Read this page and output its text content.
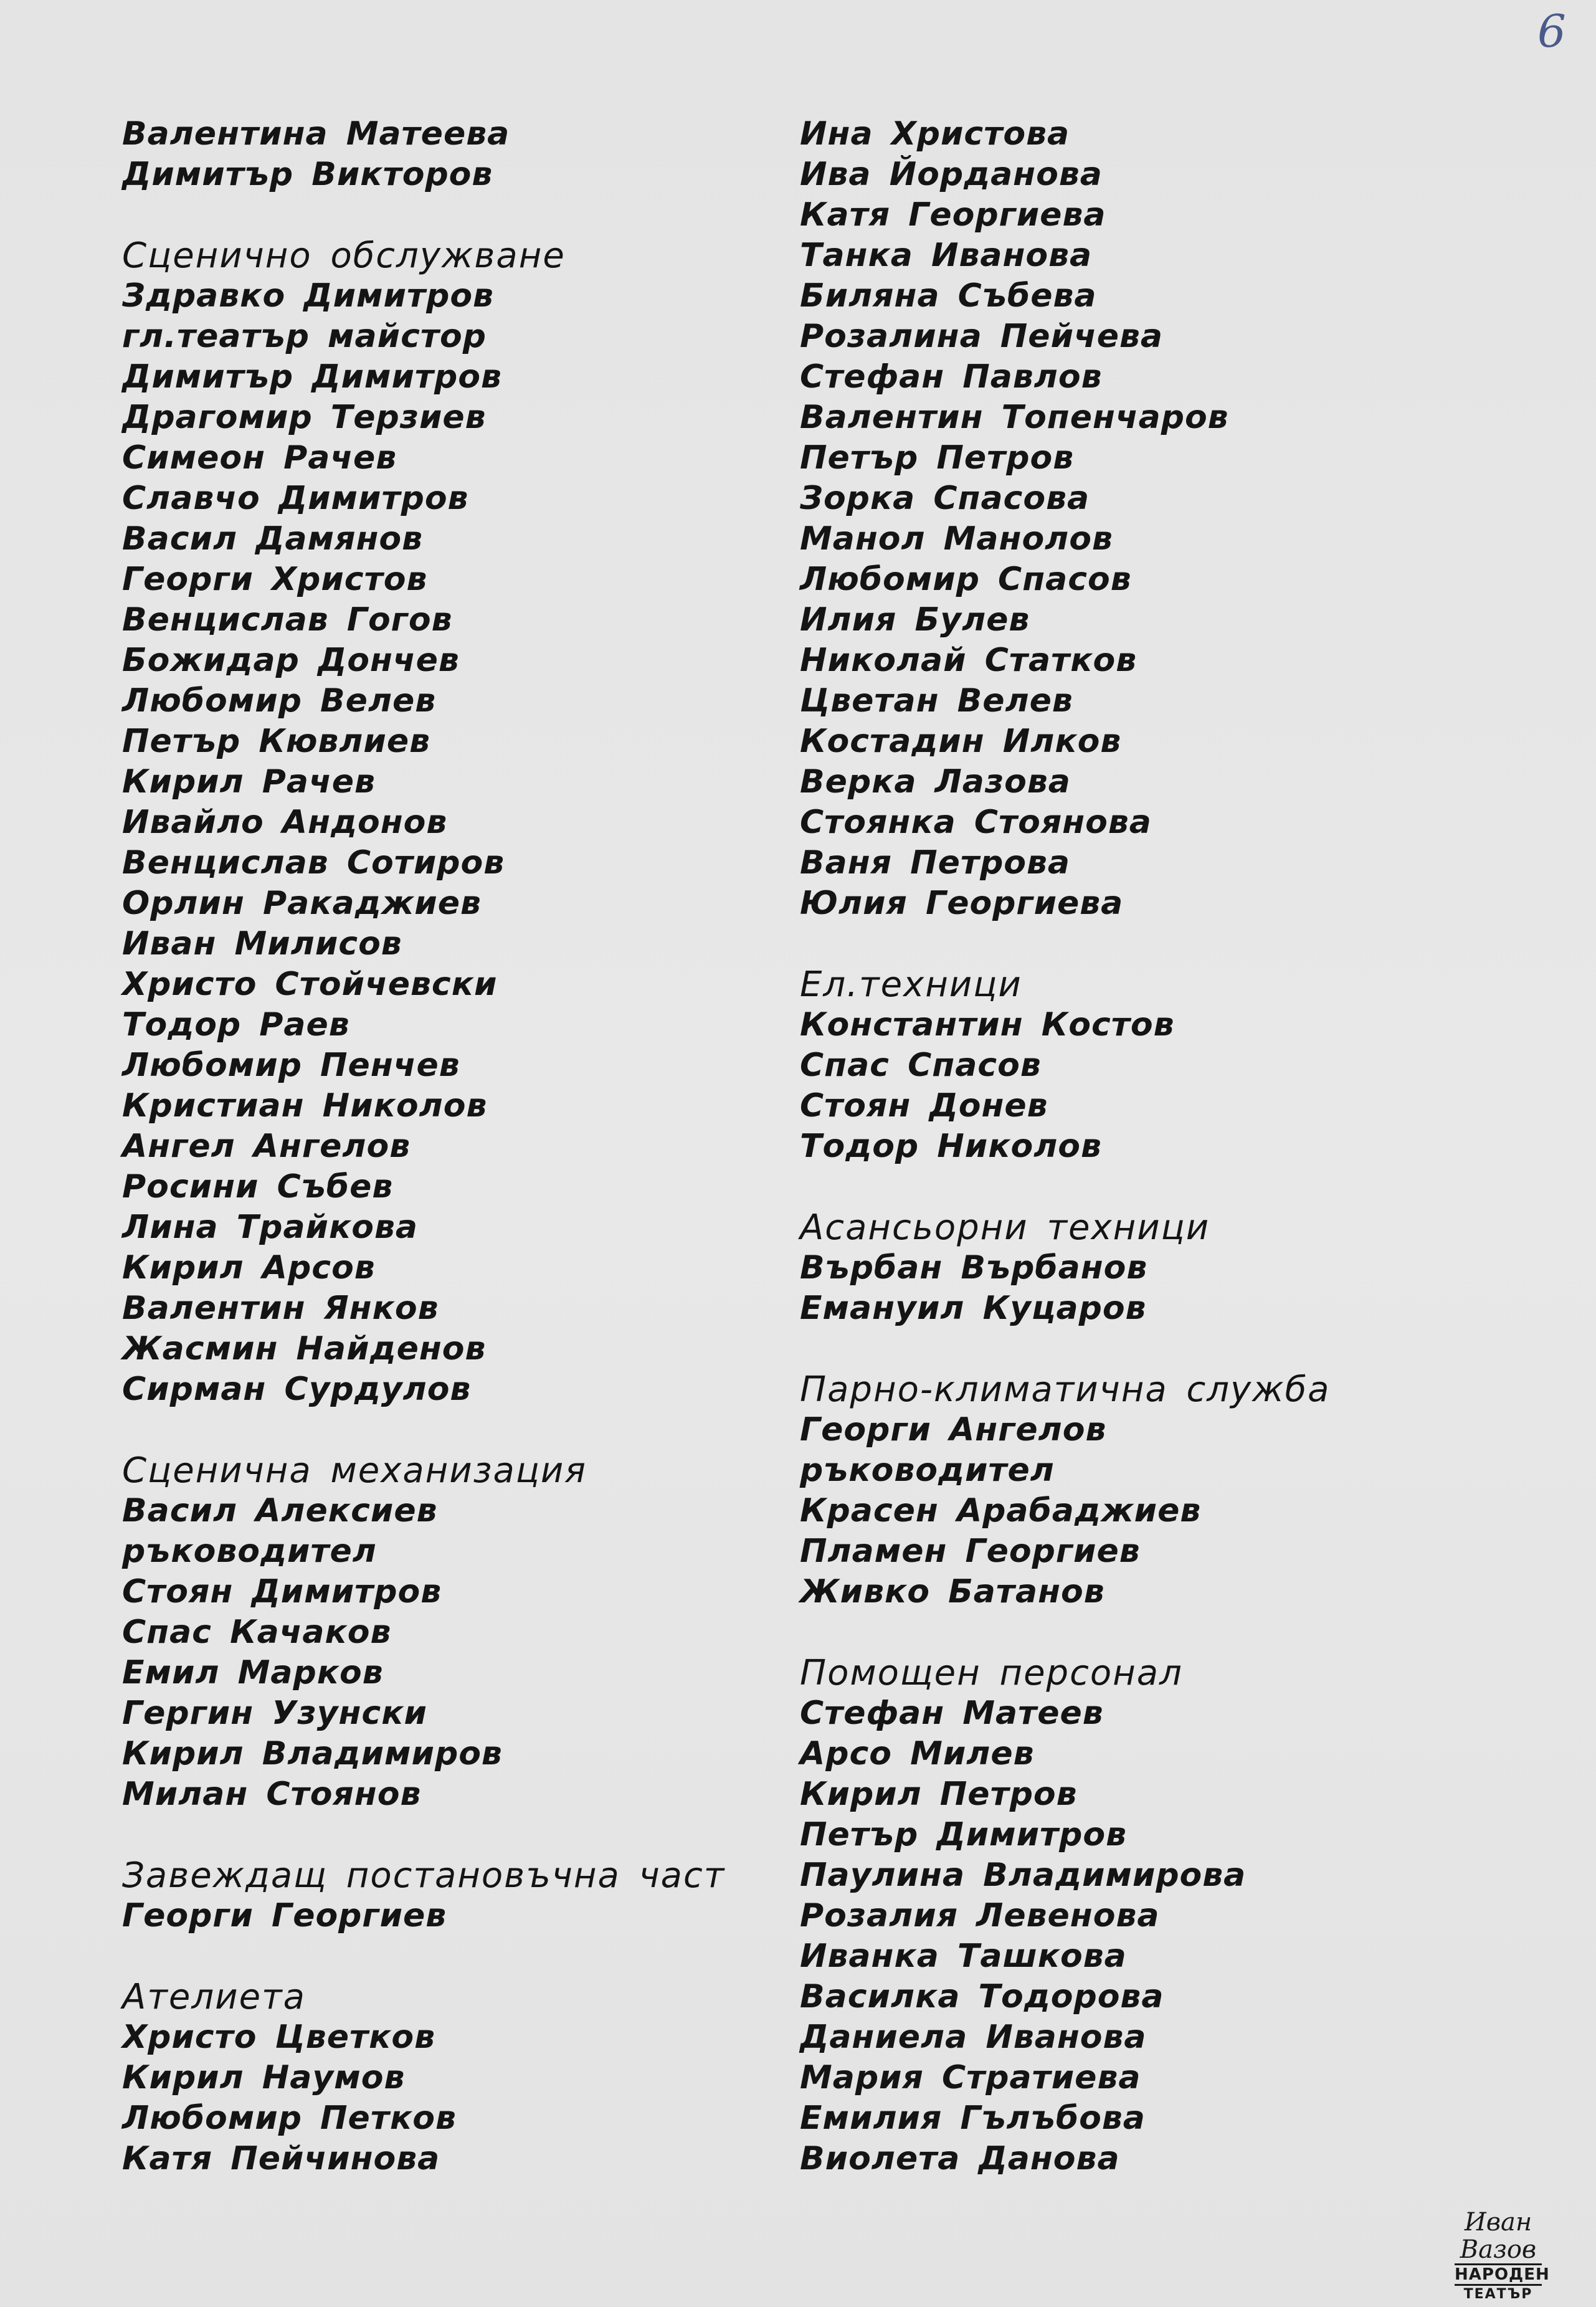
6
Валентина Матеева
Димитър Викторов
Сценично обслужване
Здравко Димитров
гл.театър майстор
Димитър Димитров
Драгомир Терзиев
Симеон Рачев
Славчо Димитров
Васил Дамянов
Георги Христов
Венцислав Гогов
Божидар Дончев
Любомир Велев
Петър Кювлиев
Кирил Рачев
Ивайло Андонов
Венцислав Сотиров
Орлин Ракаджиев
Иван Милисов
Христо Стойчевски
Тодор Раев
Любомир Пенчев
Кристиан Николов
Ангел Ангелов
Росини Събев
Лина Трайкова
Кирил Арсов
Валентин Янков
Жасмин Найденов
Сирман Сурдулов
Сценична механизация
Васил Алексиев
ръководител
Стоян Димитров
Спас Качаков
Емил Марков
Гергин Узунски
Кирил Владимиров
Милан Стоянов
Завеждащ постановъчна част
Георги Георгиев
Ателиета
Христо Цветков
Кирил Наумов
Любомир Петков
Катя Пейчинова
Ина Христова
Ива Йорданова
Катя Георгиева
Танка Иванова
Биляна Събева
Розалина Пейчева
Стефан Павлов
Валентин Топенчаров
Петър Петров
Зорка Спасова
Манол Манолов
Любомир Спасов
Илия Булев
Николай Статков
Цветан Велев
Костадин Илков
Верка Лазова
Стоянка Стоянова
Ваня Петрова
Юлия Георгиева
Ел.техници
Константин Костов
Спас Спасов
Стоян Донев
Тодор Николов
Асансьорни техници
Върбан Върбанов
Емануил Куцаров
Парно-климатична служба
Георги Ангелов
ръководител
Красен Арабаджиев
Пламен Георгиев
Живко Батанов
Помощен персонал
Стефан Матеев
Арсо Милев
Кирил Петров
Петър Димитров
Паулина Владимирова
Розалия Левенова
Иванка Ташкова
Василка Тодорова
Даниела Иванова
Мария Стратиева
Емилия Гълъбова
Виолета Данова
Иван Вазов
НАРОДЕН
ТЕАТЪР
